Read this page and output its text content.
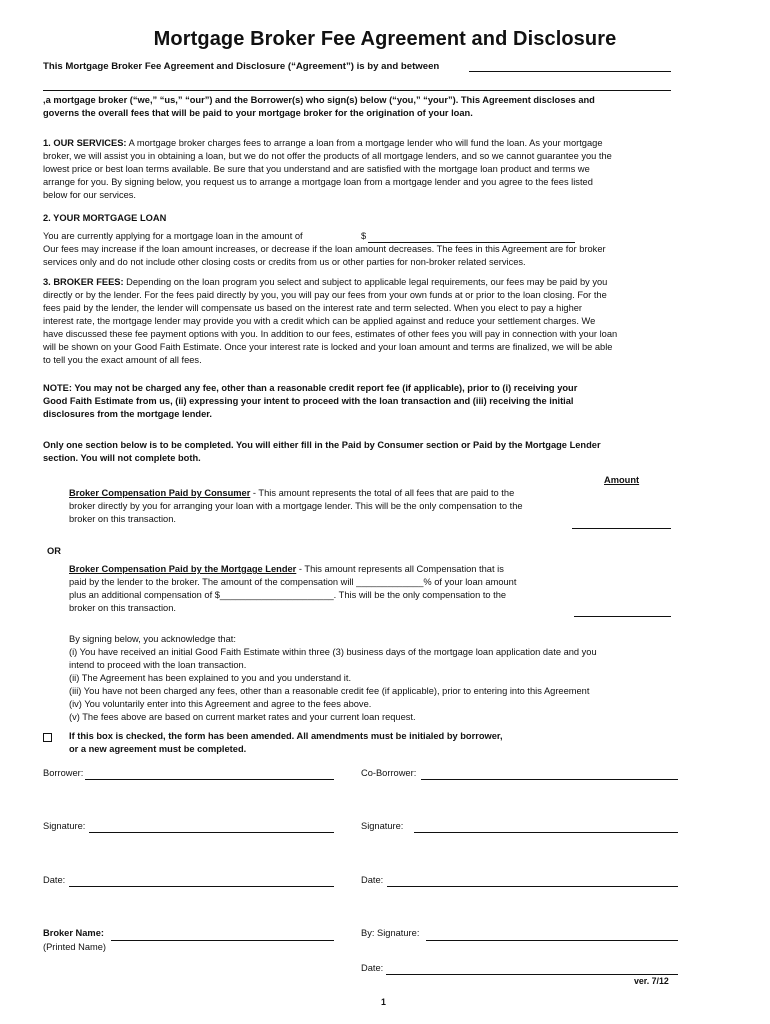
Mortgage Broker Fee Agreement and Disclosure
This Mortgage Broker Fee Agreement and Disclosure (“Agreement”) is by and between
,a mortgage broker (“we,” “us,” “our”) and the Borrower(s) who sign(s) below (“you,” “your”). This Agreement discloses and
governs the overall fees that will be paid to your mortgage broker for the origination of your loan.
1. OUR SERVICES: A mortgage broker charges fees to arrange a loan from a mortgage lender who will fund the loan. As your mortgage
broker, we will assist you in obtaining a loan, but we do not offer the products of all mortgage lenders, and so we cannot guarantee you the
lowest price or best loan terms available. Be sure that you understand and are satisfied with the mortgage loan product and terms we
arrange for you. By signing below, you request us to arrange a mortgage loan from a mortgage lender and you agree to the fees listed
below for our services.
2. YOUR MORTGAGE LOAN
You are currently applying for a mortgage loan in the amount of	$
Our fees may increase if the loan amount increases, or decrease if the loan amount decreases. The fees in this Agreement are for broker
services only and do not include other closing costs or credits from us or other parties for non-broker related services.
3. BROKER FEES: Depending on the loan program you select and subject to applicable legal requirements, our fees may be paid by you
directly or by the lender. For the fees paid directly by you, you will pay our fees from your own funds at or prior to the loan closing. For the
fees paid by the lender, the lender will compensate us based on the interest rate and term selected. When you elect to pay a higher
interest rate, the mortgage lender may provide you with a credit which can be applied against and reduce your settlement charges. We
have discussed these fee payment options with you. In addition to our fees, estimates of other fees you will pay in connection with your loan
will be shown on your Good Faith Estimate. Once your interest rate is locked and your loan amount and terms are finalized, we will be able
to tell you the exact amount of all fees.
NOTE: You may not be charged any fee, other than a reasonable credit report fee (if applicable), prior to (i) receiving your
Good Faith Estimate from us, (ii) expressing your intent to proceed with the loan transaction and (iii) receiving the initial
disclosures from the mortgage lender.
Only one section below is to be completed. You will either fill in the Paid by Consumer section or Paid by the Mortgage Lender
section. You will not complete both.
Amount
Broker Compensation Paid by Consumer - This amount represents the total of all fees that are paid to the
broker directly by you for arranging your loan with a mortgage lender. This will be the only compensation to the
broker on this transaction.
OR
Broker Compensation Paid by the Mortgage Lender - This amount represents all Compensation that is
paid by the lender to the broker. The amount of the compensation will _____________% of your loan amount
plus an additional compensation of $______________________. This will be the only compensation to the
broker on this transaction.
By signing below, you acknowledge that:
(i) You have received an initial Good Faith Estimate within three (3) business days of the mortgage loan application date and you
intend to proceed with the loan transaction.
(ii) The Agreement has been explained to you and you understand it.
(iii) You have not been charged any fees, other than a reasonable credit fee (if applicable), prior to entering into this Agreement
(iv) You voluntarily enter into this Agreement and agree to the fees above.
(v) The fees above are based on current market rates and your current loan request.
If this box is checked, the form has been amended. All amendments must be initialed by borrower,
or a new agreement must be completed.
Borrower:	Co-Borrower:
Signature:	Signature:
Date:	Date:
Broker Name:
(Printed Name)
By: Signature:
Date:
ver. 7/12
1
